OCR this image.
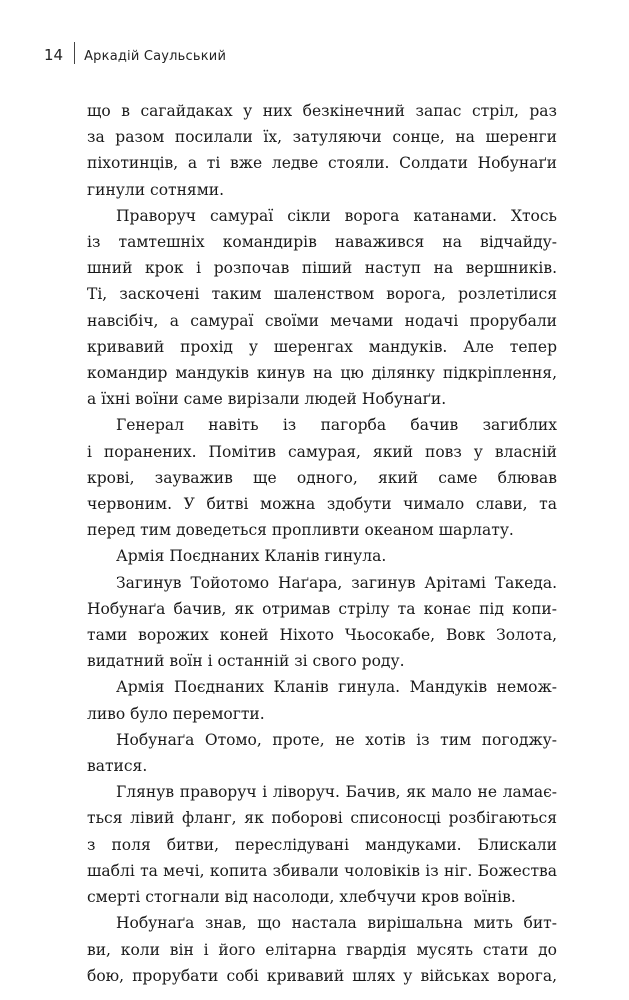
14 Аркадій Саульський

що в сагайдаках у них безкінечний запас стріл, раз
за разом посилали їх, затуляючи сонце, на шеренги
піхотинців, а ті вже ледве стояли. Солдати Нобунаґи
гинули сотнями.

Праворуч самураї сікли ворога катанами. Хтось
із тамтешніх командирів наважився на відчайду-
шний крок і розпочав піший наступ на вершників.
Ті, заскочені таким шаленством ворога, розлетілися
навсібіч, а самураї своїми мечами нодачі прорубали
кривавий прохід у шеренгах мандуків. Але тепер
командир мандуків кинув на цю ділянку підкріплення,
а їхні воїни саме вирізали людей Нобунаґи.

Генерал навіть із пагорба бачив загиблих
і поранених. Помітив самурая, який повз у власній
крові, зауважив ще одного, який саме блював
червоним. У битві можна здобути чимало слави, та
перед тим доведеться пропливти океаном шарлату.

Армія Поєднаних Кланів гинула.

Загинув Тойотомо Наґара, загинув Арітамі Такеда.
Нобунаґа бачив, як отримав стрілу та конає під копи-
тами ворожих коней Ніхото Чьосокабе, Вовк Золота,
видатний воїн і останній зі свого роду.

Армія Поєднаних Кланів гинула. Мандуків немож-
ливо було перемогти.

Нобунаґа Отомо, проте, не хотів із тим погоджу-
ватися.

Глянув праворуч і ліворуч. Бачив, як мало не ламає-
ться лівий фланг, як поборові списоносці розбігаються
з поля битви, переслідувані мандуками. Блискали
шаблі та мечі, копита збивали чоловіків із ніг. Божества
смерті стогнали від насолоди, хлебчучи кров воїнів.

Нобунаґа знав, що настала вирішальна мить бит-
ви, коли він і його елітарна гвардія мусять стати до
бою, прорубати собі кривавий шлях у військах ворога,
